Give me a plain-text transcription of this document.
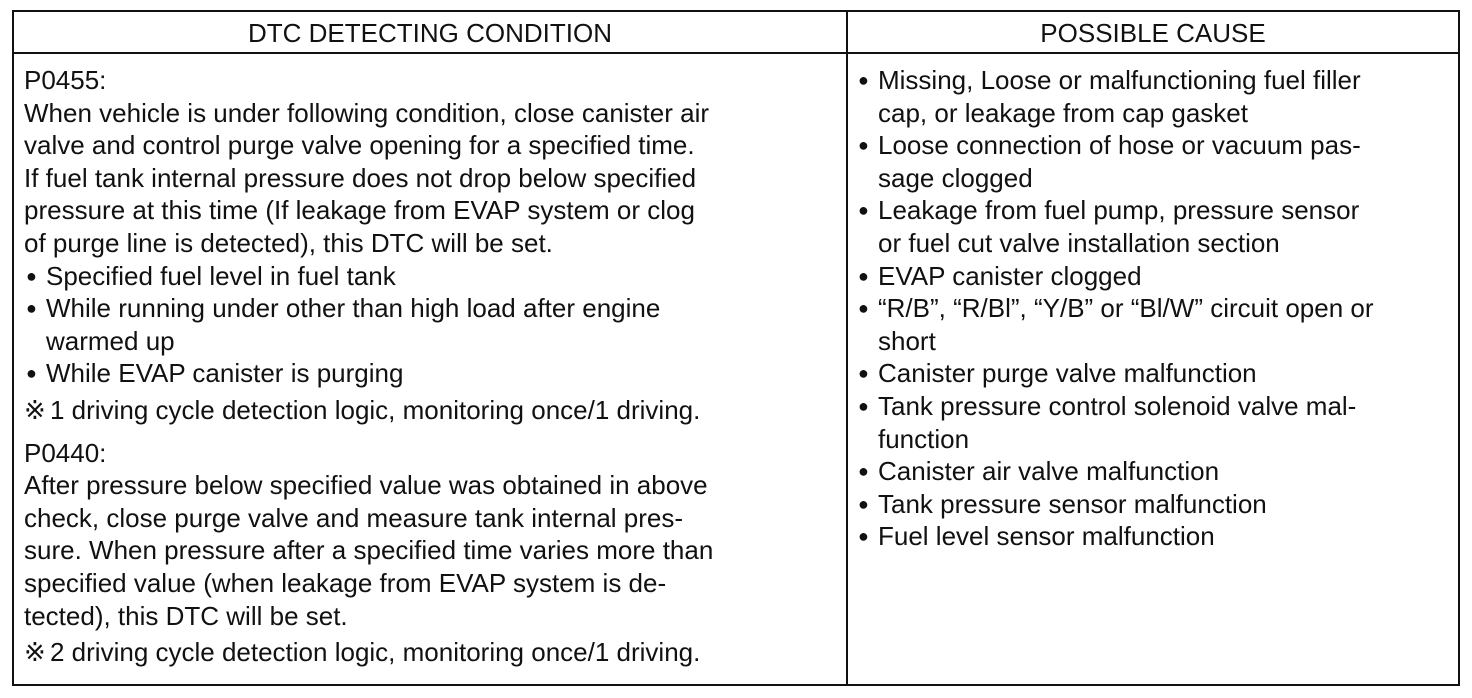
DTC DETECTING CONDITION	POSSIBLE CAUSE
P0455:
When vehicle is under following condition, close canister air
valve and control purge valve opening for a specified time.
If fuel tank internal pressure does not drop below specified
pressure at this time (If leakage from EVAP system or clog
of purge line is detected), this DTC will be set.
● Specified fuel level in fuel tank
● While running under other than high load after engine
warmed up
● While EVAP canister is purging
※ 1 driving cycle detection logic, monitoring once/1 driving.
P0440:
After pressure below specified value was obtained in above
check, close purge valve and measure tank internal pres-
sure. When pressure after a specified time varies more than
specified value (when leakage from EVAP system is de-
tected), this DTC will be set.
※ 2 driving cycle detection logic, monitoring once/1 driving.
● Missing, Loose or malfunctioning fuel filler
cap, or leakage from cap gasket
● Loose connection of hose or vacuum pas-
sage clogged
● Leakage from fuel pump, pressure sensor
or fuel cut valve installation section
● EVAP canister clogged
● “R/B”, “R/Bl”, “Y/B” or “Bl/W” circuit open or
short
● Canister purge valve malfunction
● Tank pressure control solenoid valve mal-
function
● Canister air valve malfunction
● Tank pressure sensor malfunction
● Fuel level sensor malfunction
